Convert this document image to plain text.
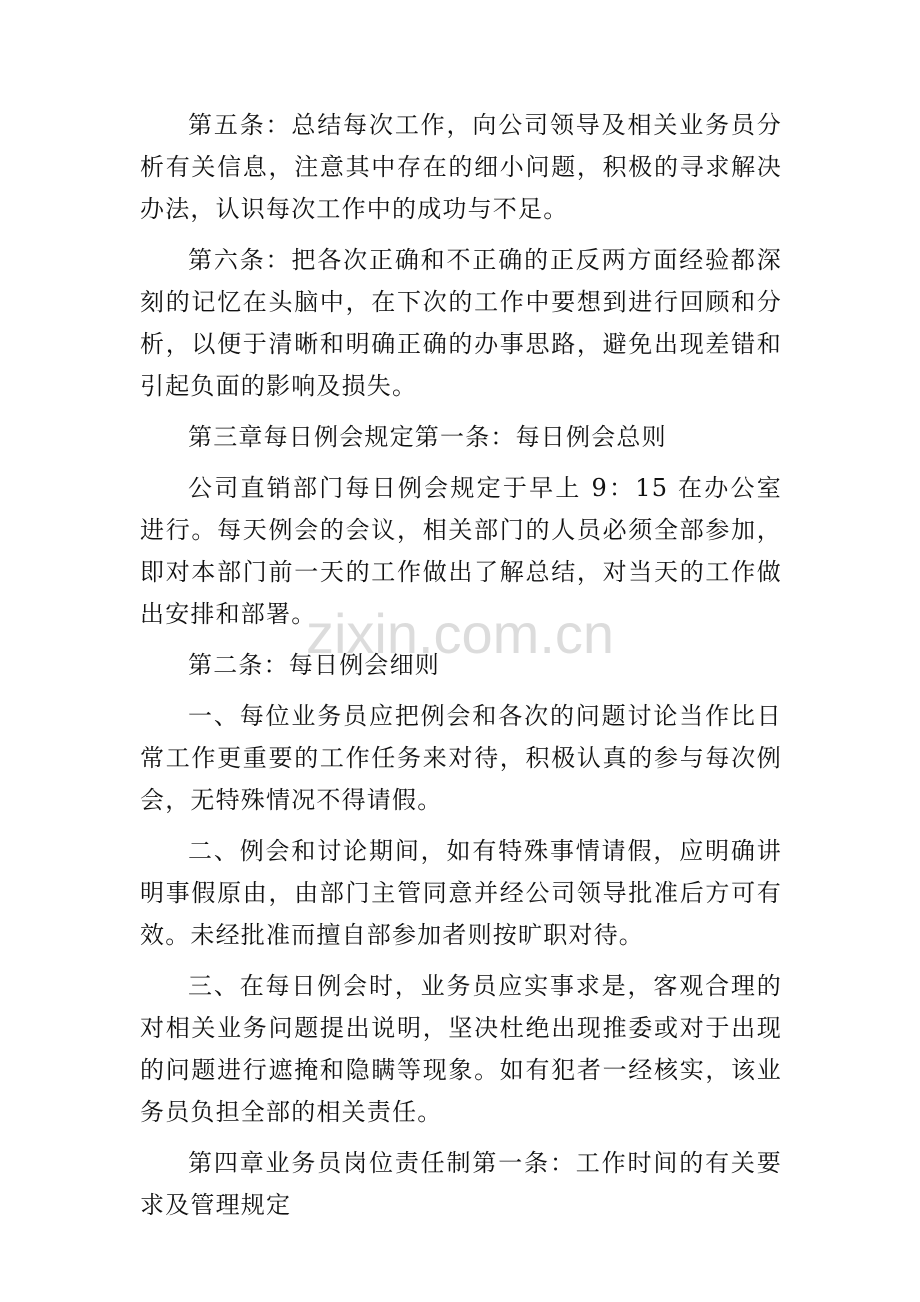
第五条：总结每次工作，向公司领导及相关业务员分析有关信息，注意其中存在的细小问题，积极的寻求解决办法，认识每次工作中的成功与不足。

第六条：把各次正确和不正确的正反两方面经验都深刻的记忆在头脑中，在下次的工作中要想到进行回顾和分析，以便于清晰和明确正确的办事思路，避免出现差错和引起负面的影响及损失。

第三章每日例会规定第一条：每日例会总则

公司直销部门每日例会规定于早上 9：15 在办公室进行。每天例会的会议，相关部门的人员必须全部参加，即对本部门前一天的工作做出了解总结，对当天的工作做出安排和部署。

第二条：每日例会细则

一、每位业务员应把例会和各次的问题讨论当作比日常工作更重要的工作任务来对待，积极认真的参与每次例会，无特殊情况不得请假。

二、例会和讨论期间，如有特殊事情请假，应明确讲明事假原由，由部门主管同意并经公司领导批准后方可有效。未经批准而擅自部参加者则按旷职对待。

三、在每日例会时，业务员应实事求是，客观合理的对相关业务问题提出说明，坚决杜绝出现推委或对于出现的问题进行遮掩和隐瞒等现象。如有犯者一经核实，该业务员负担全部的相关责任。

第四章业务员岗位责任制第一条：工作时间的有关要求及管理规定

zixin.com.cn
